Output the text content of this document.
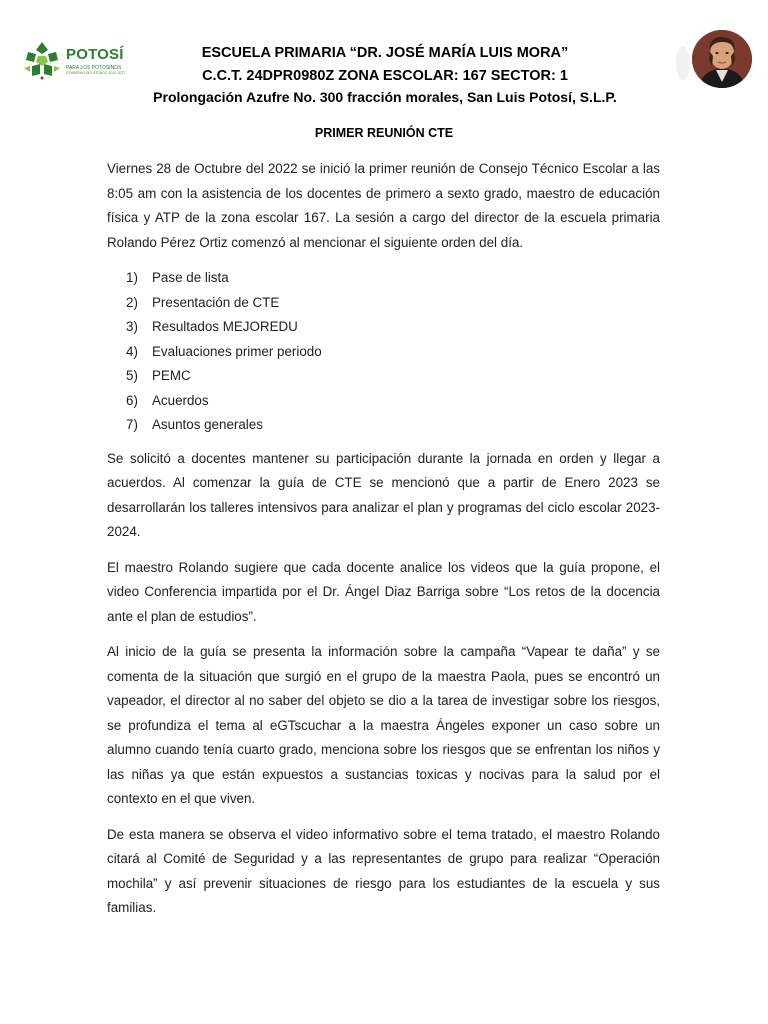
POTOSÍ
PARA LOS POTOSINOS
GOBIERNO DEL ESTADO 2021-2027
ESCUELA PRIMARIA “DR. JOSÉ MARÍA LUIS MORA”
C.C.T. 24DPR0980Z ZONA ESCOLAR: 167 SECTOR: 1
Prolongación Azufre No. 300 fracción morales, San Luis Potosí, S.L.P.
PRIMER REUNIÓN CTE

Viernes 28 de Octubre del 2022 se inició la primer reunión de Consejo Técnico Escolar a las 8:05 am con la asistencia de los docentes de primero a sexto grado, maestro de educación física y ATP de la zona escolar 167. La sesión a cargo del director de la escuela primaria Rolando Pérez Ortiz comenzó al mencionar el siguiente orden del día.

1) Pase de lista
2) Presentación de CTE
3) Resultados MEJOREDU
4) Evaluaciones primer periodo
5) PEMC
6) Acuerdos
7) Asuntos generales

Se solicitó a docentes mantener su participación durante la jornada en orden y llegar a acuerdos. Al comenzar la guía de CTE se mencionó que a partir de Enero 2023 se desarrollarán los talleres intensivos para analizar el plan y programas del ciclo escolar 2023-2024.

El maestro Rolando sugiere que cada docente analice los videos que la guía propone, el video Conferencia impartida por el Dr. Ángel Diaz Barriga sobre “Los retos de la docencia ante el plan de estudios”.

Al inicio de la guía se presenta la información sobre la campaña “Vapear te daña” y se comenta de la situación que surgió en el grupo de la maestra Paola, pues se encontró un vapeador, el director al no saber del objeto se dio a la tarea de investigar sobre los riesgos, se profundiza el tema al eGTscuchar a la maestra Ángeles exponer un caso sobre un alumno cuando tenía cuarto grado, menciona sobre los riesgos que se enfrentan los niños y las niñas ya que están expuestos a sustancias toxicas y nocivas para la salud por el contexto en el que viven.

De esta manera se observa el video informativo sobre el tema tratado, el maestro Rolando citará al Comité de Seguridad y a las representantes de grupo para realizar “Operación mochila” y así prevenir situaciones de riesgo para los estudiantes de la escuela y sus familias.
